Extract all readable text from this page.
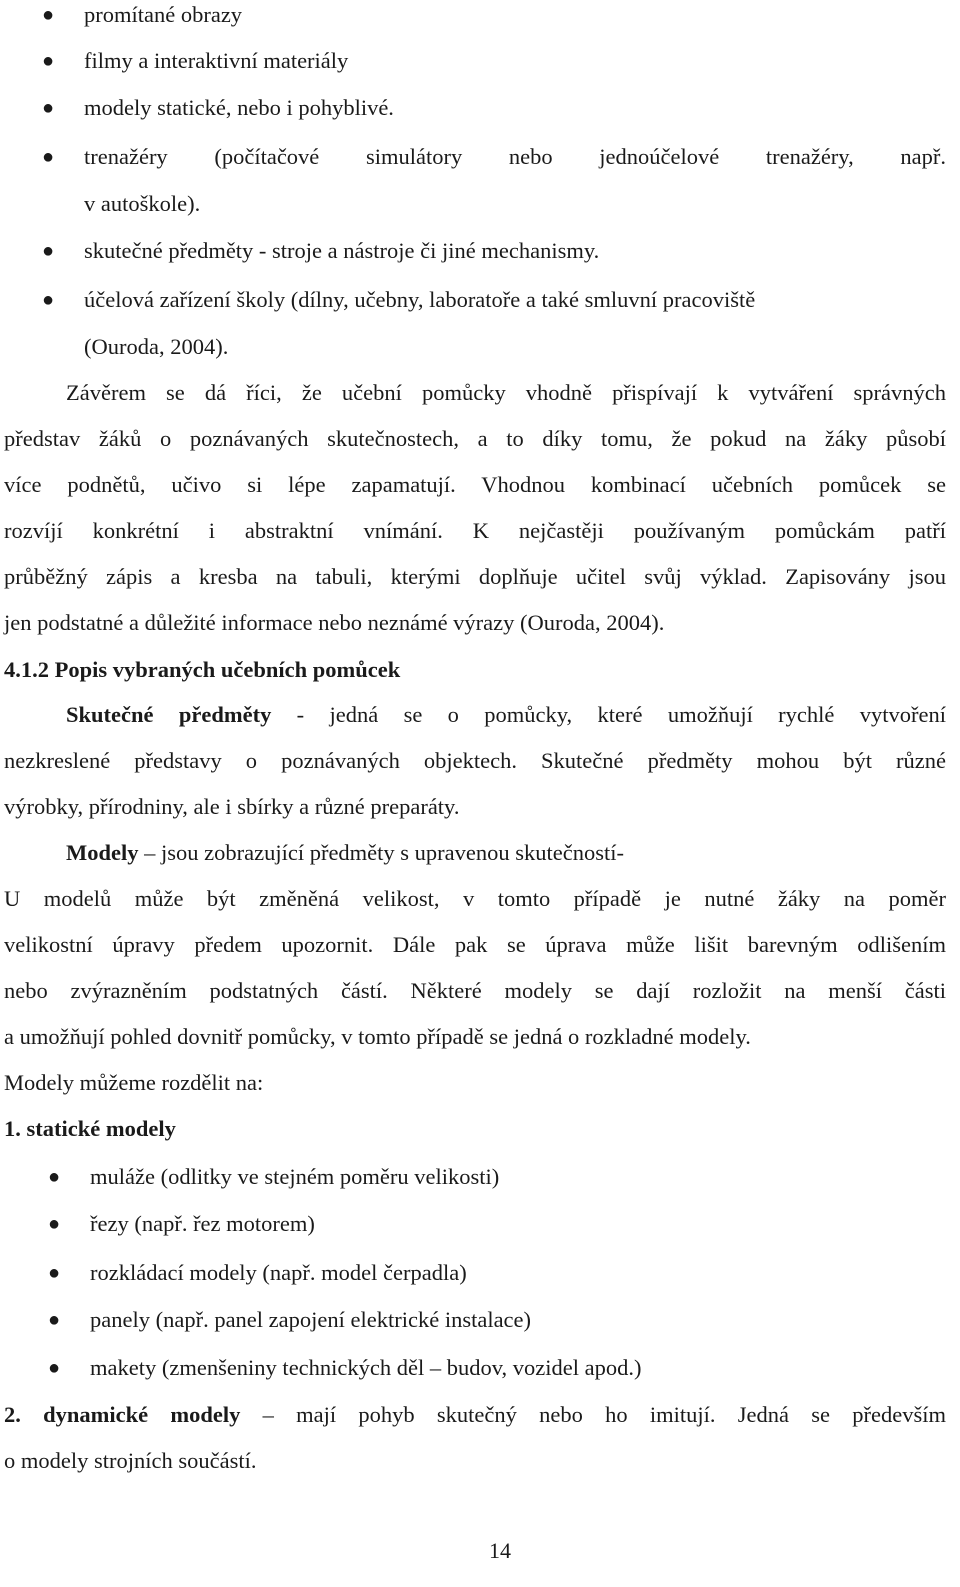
● promítané obrazy
● filmy a interaktivní materiály
● modely statické, nebo i pohyblivé.
● trenažéry (počítačové simulátory nebo jednoúčelové trenažéry, např.
v autoškole).
● skutečné předměty - stroje a nástroje či jiné mechanismy.
● účelová zařízení školy (dílny, učebny, laboratoře a také smluvní pracoviště
(Ouroda, 2004).
Závěrem se dá říci, že učební pomůcky vhodně přispívají k vytváření správných
představ žáků o poznávaných skutečnostech, a to díky tomu, že pokud na žáky působí
více podnětů, učivo si lépe zapamatují. Vhodnou kombinací učebních pomůcek se
rozvíjí konkrétní i abstraktní vnímání. K nejčastěji používaným pomůckám patří
průběžný zápis a kresba na tabuli, kterými doplňuje učitel svůj výklad. Zapisovány jsou
jen podstatné a důležité informace nebo neznámé výrazy (Ouroda, 2004).
4.1.2 Popis vybraných učebních pomůcek
Skutečné předměty - jedná se o pomůcky, které umožňují rychlé vytvoření
nezkreslené představy o poznávaných objektech. Skutečné předměty mohou být různé
výrobky, přírodniny, ale i sbírky a různé preparáty.
Modely – jsou zobrazující předměty s upravenou skutečností-
U modelů může být změněná velikost, v tomto případě je nutné žáky na poměr
velikostní úpravy předem upozornit. Dále pak se úprava může lišit barevným odlišením
nebo zvýrazněním podstatných částí. Některé modely se dají rozložit na menší části
a umožňují pohled dovnitř pomůcky, v tomto případě se jedná o rozkladné modely.
Modely můžeme rozdělit na:
1. statické modely
● muláže (odlitky ve stejném poměru velikosti)
● řezy (např. řez motorem)
● rozkládací modely (např. model čerpadla)
● panely (např. panel zapojení elektrické instalace)
● makety (zmenšeniny technických děl – budov, vozidel apod.)
2. dynamické modely – mají pohyb skutečný nebo ho imitují. Jedná se především
o modely strojních součástí.
14
